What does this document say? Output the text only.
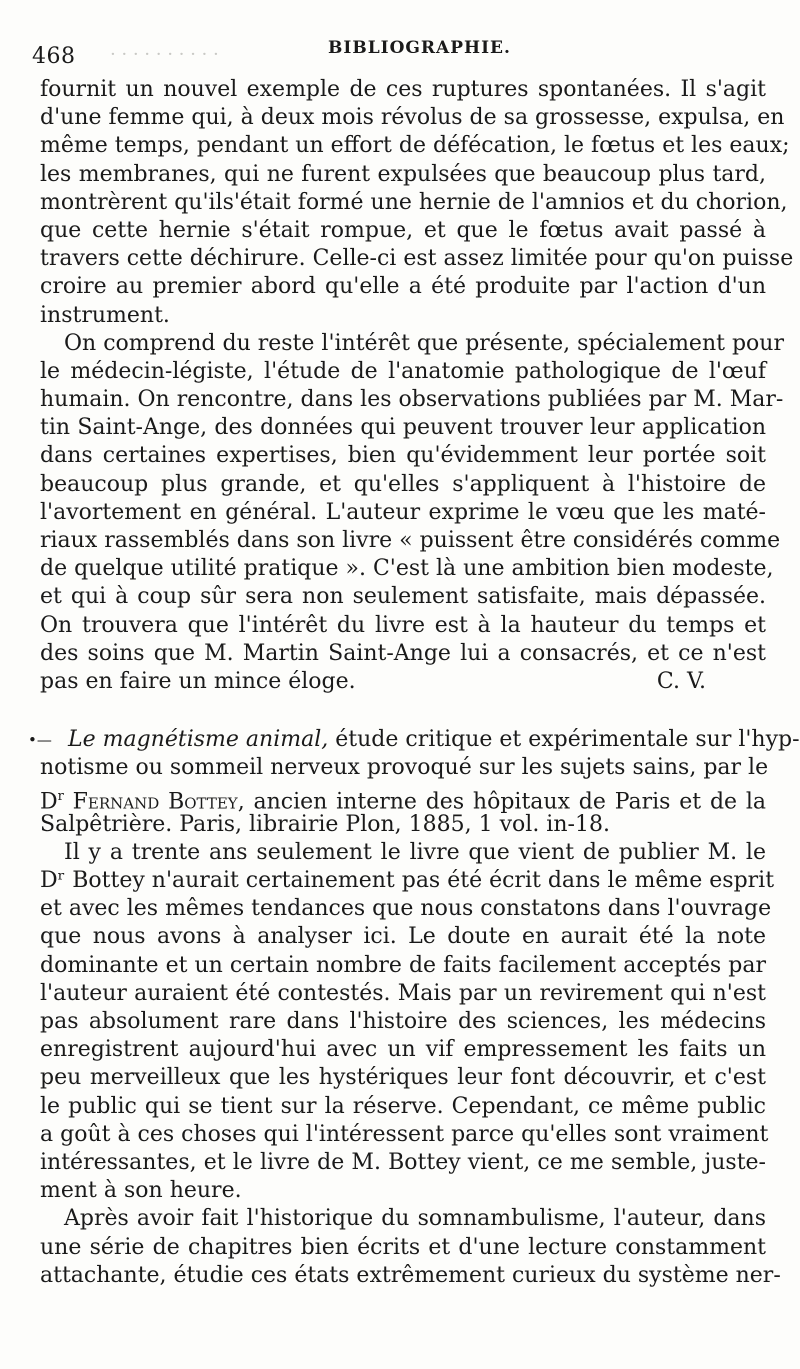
· · · · · · · · · ·
468	BIBLIOGRAPHIE.
fournit un nouvel exemple de ces ruptures spontanées. Il s'agit
d'une femme qui, à deux mois révolus de sa grossesse, expulsa, en
même temps, pendant un effort de défécation, le fœtus et les eaux;
les membranes, qui ne furent expulsées que beaucoup plus tard,
montrèrent qu'ils'était formé une hernie de l'amnios et du chorion,
que cette hernie s'était rompue, et que le fœtus avait passé à
travers cette déchirure. Celle-ci est assez limitée pour qu'on puisse
croire au premier abord qu'elle a été produite par l'action d'un
instrument.
On comprend du reste l'intérêt que présente, spécialement pour
le médecin-légiste, l'étude de l'anatomie pathologique de l'œuf
humain. On rencontre, dans les observations publiées par M. Mar-
tin Saint-Ange, des données qui peuvent trouver leur application
dans certaines expertises, bien qu'évidemment leur portée soit
beaucoup plus grande, et qu'elles s'appliquent à l'histoire de
l'avortement en général. L'auteur exprime le vœu que les maté-
riaux rassemblés dans son livre « puissent être considérés comme
de quelque utilité pratique ». C'est là une ambition bien modeste,
et qui à coup sûr sera non seulement satisfaite, mais dépassée.
On trouvera que l'intérêt du livre est à la hauteur du temps et
des soins que M. Martin Saint-Ange lui a consacrés, et ce n'est
pas en faire un mince éloge.	C. V.
•— Le magnétisme animal, étude critique et expérimentale sur l'hyp-
notisme ou sommeil nerveux provoqué sur les sujets sains, par le
$D^r$ Fernand Bottey, ancien interne des hôpitaux de Paris et de la
Salpêtrière. Paris, librairie Plon, 1885, 1 vol. in-18.
Il y a trente ans seulement le livre que vient de publier M. le
Dʳ Bottey n'aurait certainement pas été écrit dans le même esprit
et avec les mêmes tendances que nous constatons dans l'ouvrage
que nous avons à analyser ici. Le doute en aurait été la note
dominante et un certain nombre de faits facilement acceptés par
l'auteur auraient été contestés. Mais par un revirement qui n'est
pas absolument rare dans l'histoire des sciences, les médecins
enregistrent aujourd'hui avec un vif empressement les faits un
peu merveilleux que les hystériques leur font découvrir, et c'est
le public qui se tient sur la réserve. Cependant, ce même public
a goût à ces choses qui l'intéressent parce qu'elles sont vraiment
intéressantes, et le livre de M. Bottey vient, ce me semble, juste-
ment à son heure.
Après avoir fait l'historique du somnambulisme, l'auteur, dans
une série de chapitres bien écrits et d'une lecture constamment
attachante, étudie ces états extrêmement curieux du système ner-
